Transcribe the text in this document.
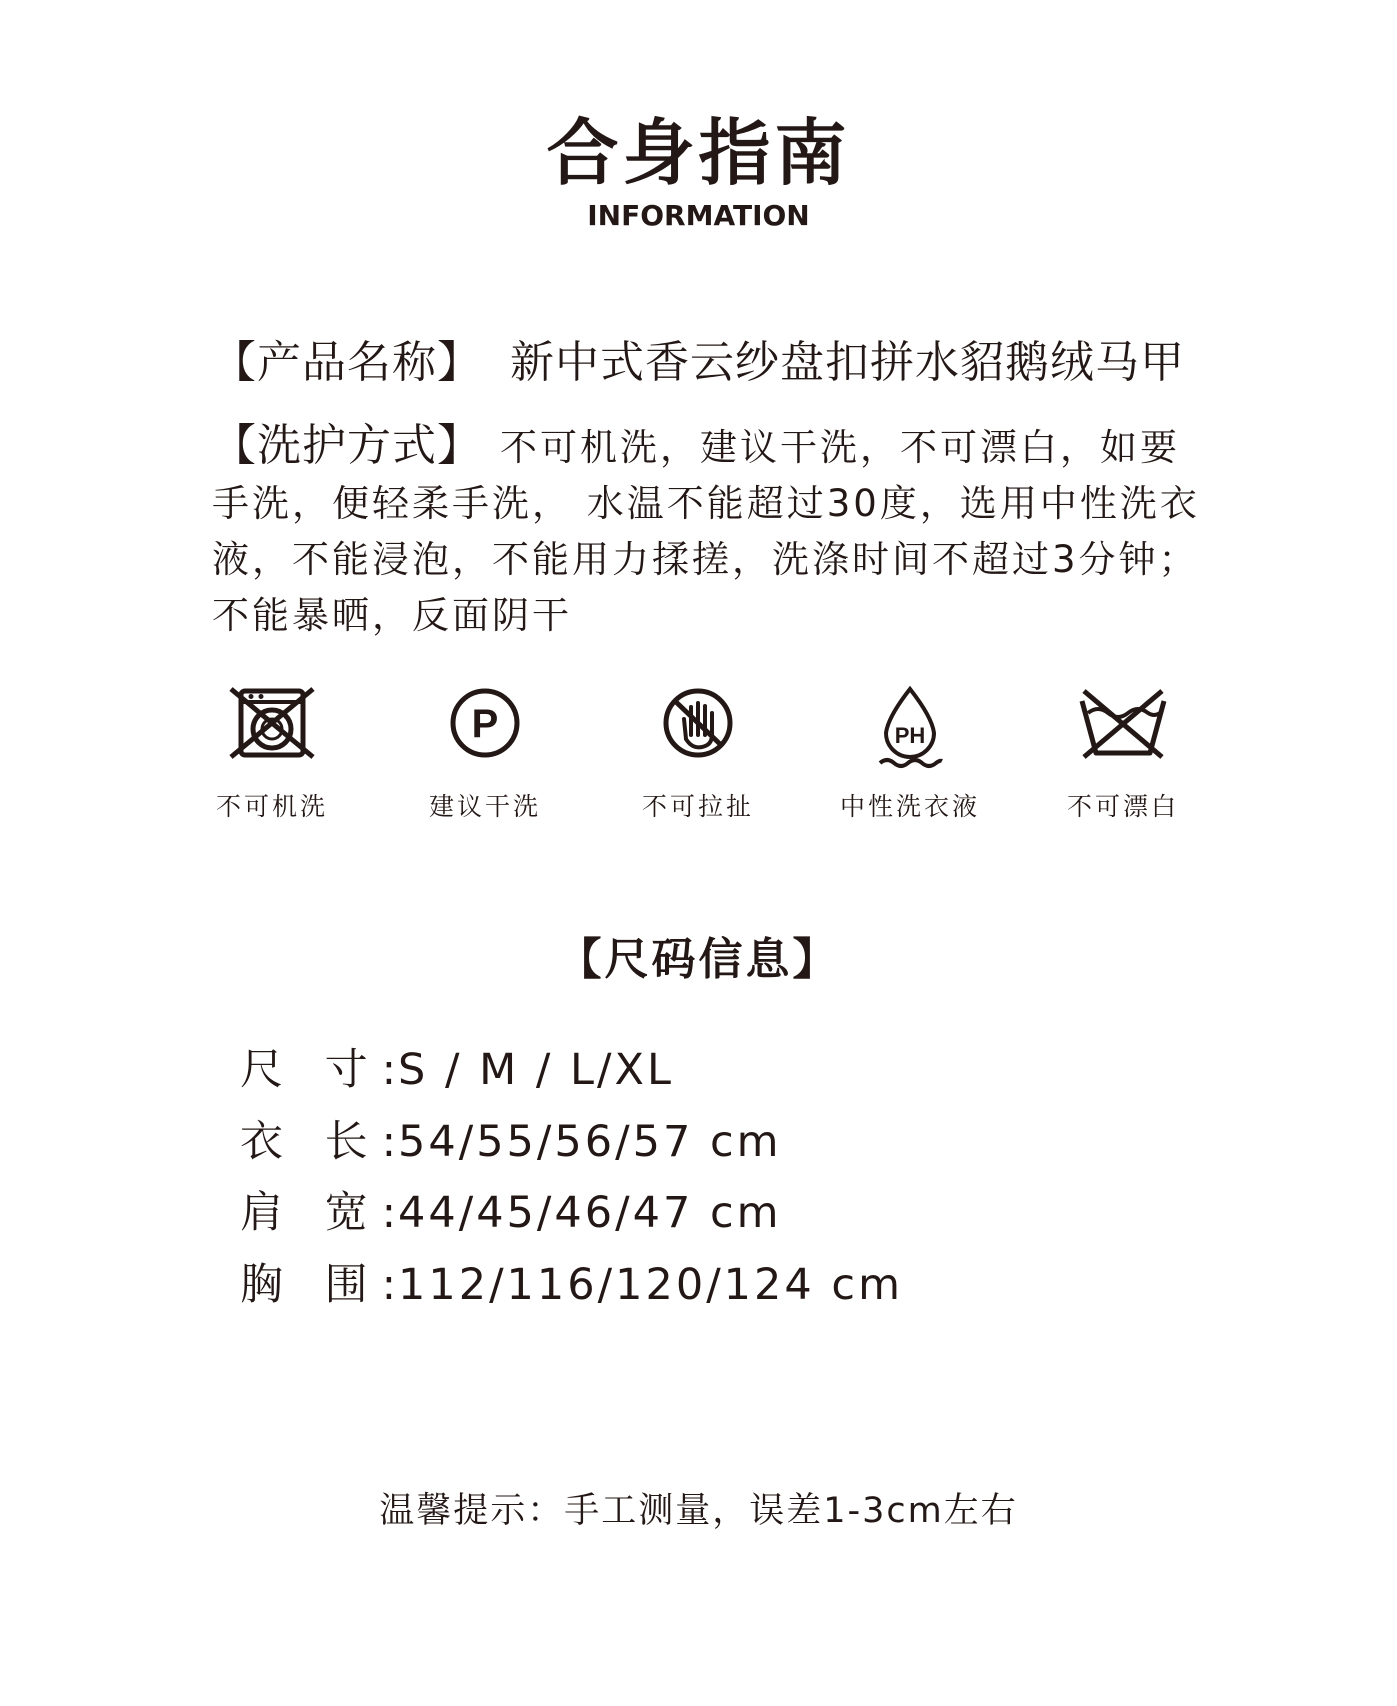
合身指南
INFORMATION
【产品名称】 新中式香云纱盘扣拼水貂鹅绒马甲
【洗护方式】 不可机洗，建议干洗，不可漂白，如要手洗，便轻柔手洗， 水温不能超过30度，选用中性洗衣液，不能浸泡，不能用力揉搓，洗涤时间不超过3分钟；不能暴晒，反面阴干
不可机洗
P
建议干洗	不可拉扯
PH
中性洗衣液	不可漂白
【尺码信息】
尺 寸:S / M / L/XL
衣 长:54/55/56/57 cm
肩 宽:44/45/46/47 cm
胸 围:112/116/120/124 cm
温馨提示：手工测量，误差1-3cm左右
